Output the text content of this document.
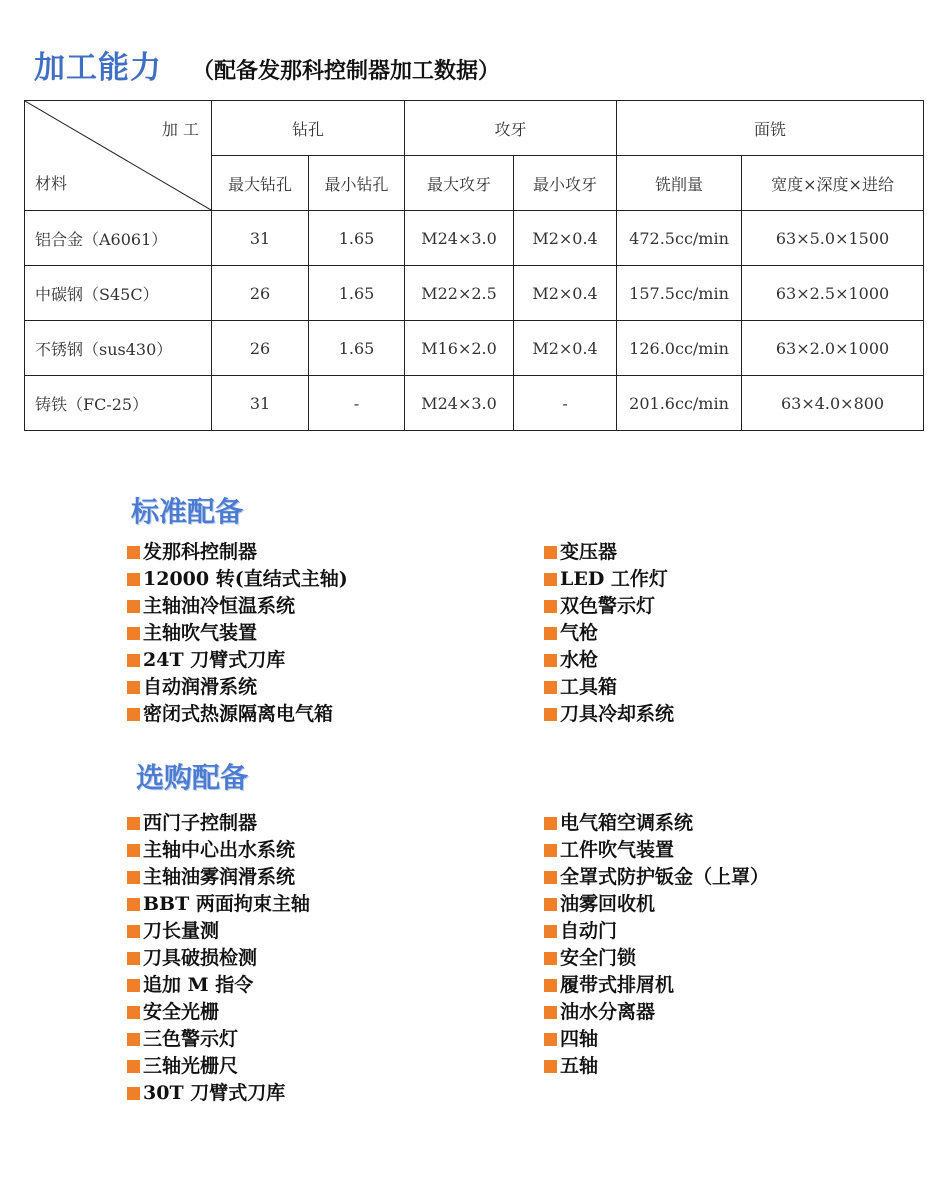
加工能力 （配备发那科控制器加工数据）
加 工
材料	钻孔		攻牙		面铣	
	最大钻孔	最小钻孔	最大攻牙	最小攻牙	铣削量	宽度×深度×进给
铝合金（A6061）	31	1.65	M24×3.0	M2×0.4	472.5cc/min	63×5.0×1500
中碳钢（S45C）	26	1.65	M22×2.5	M2×0.4	157.5cc/min	63×2.5×1000
不锈钢（sus430）	26	1.65	M16×2.0	M2×0.4	126.0cc/min	63×2.0×1000
铸铁（FC-25）	31	-	M24×3.0	-	201.6cc/min	63×4.0×800
标准配备
发那科控制器
12000 转(直结式主轴)
主轴油冷恒温系统
主轴吹气装置
24T 刀臂式刀库
自动润滑系统
密闭式热源隔离电气箱
变压器
LED 工作灯
双色警示灯
气枪
水枪
工具箱
刀具冷却系统
选购配备
西门子控制器
主轴中心出水系统
主轴油雾润滑系统
BBT 两面拘束主轴
刀长量测
刀具破损检测
追加 M 指令
安全光栅
三色警示灯
三轴光栅尺
30T 刀臂式刀库
电气箱空调系统
工件吹气装置
全罩式防护钣金（上罩）
油雾回收机
自动门
安全门锁
履带式排屑机
油水分离器
四轴
五轴
